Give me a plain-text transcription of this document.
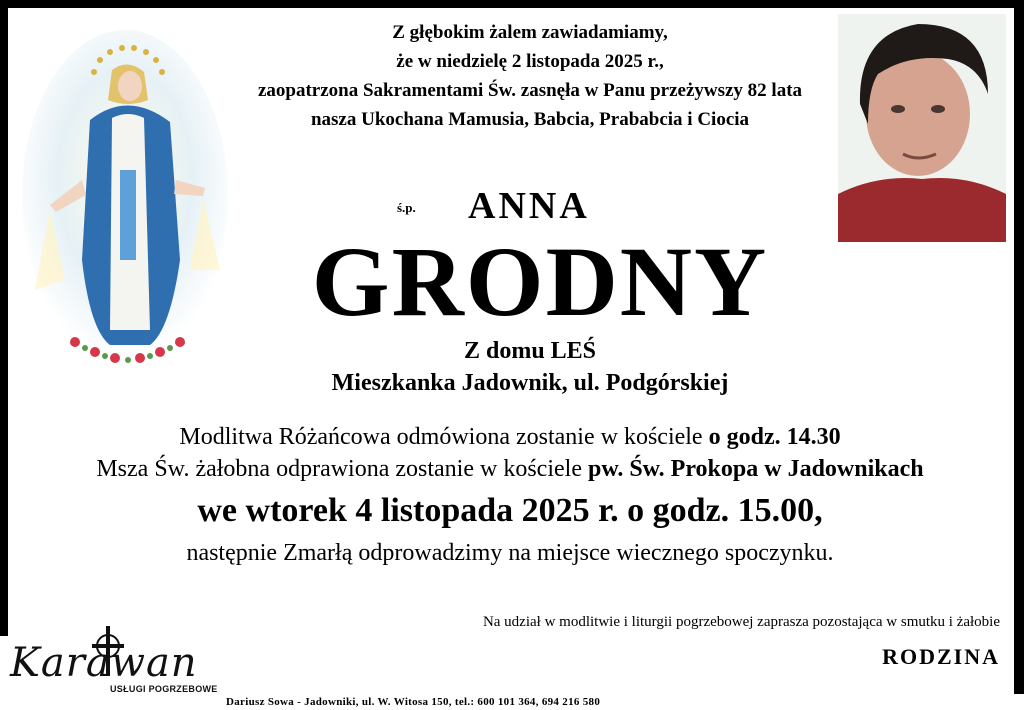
Z głębokim żalem zawiadamiamy,
że w niedzielę 2 listopada 2025 r.,
zaopatrzona Sakramentami Św. zasnęła w Panu przeżywszy 82 lata
nasza Ukochana Mamusia, Babcia, Prababcia i Ciocia
ś.p. ANNA
GRODNY
Z domu LEŚ
Mieszkanka Jadownik, ul. Podgórskiej
Modlitwa Różańcowa odmówiona zostanie w kościele o godz. 14.30
Msza Św. żałobna odprawiona zostanie w kościele pw. Św. Prokopa w Jadownikach
we wtorek 4 listopada 2025 r. o godz. 15.00,
następnie Zmarłą odprowadzimy na miejsce wiecznego spoczynku.
Na udział w modlitwie i liturgii pogrzebowej zaprasza pozostająca w smutku i żałobie
RODZINA
Karawan
USŁUGI POGRZEBOWE
Dariusz Sowa - Jadowniki, ul. W. Witosa 150, tel.: 600 101 364, 694 216 580
